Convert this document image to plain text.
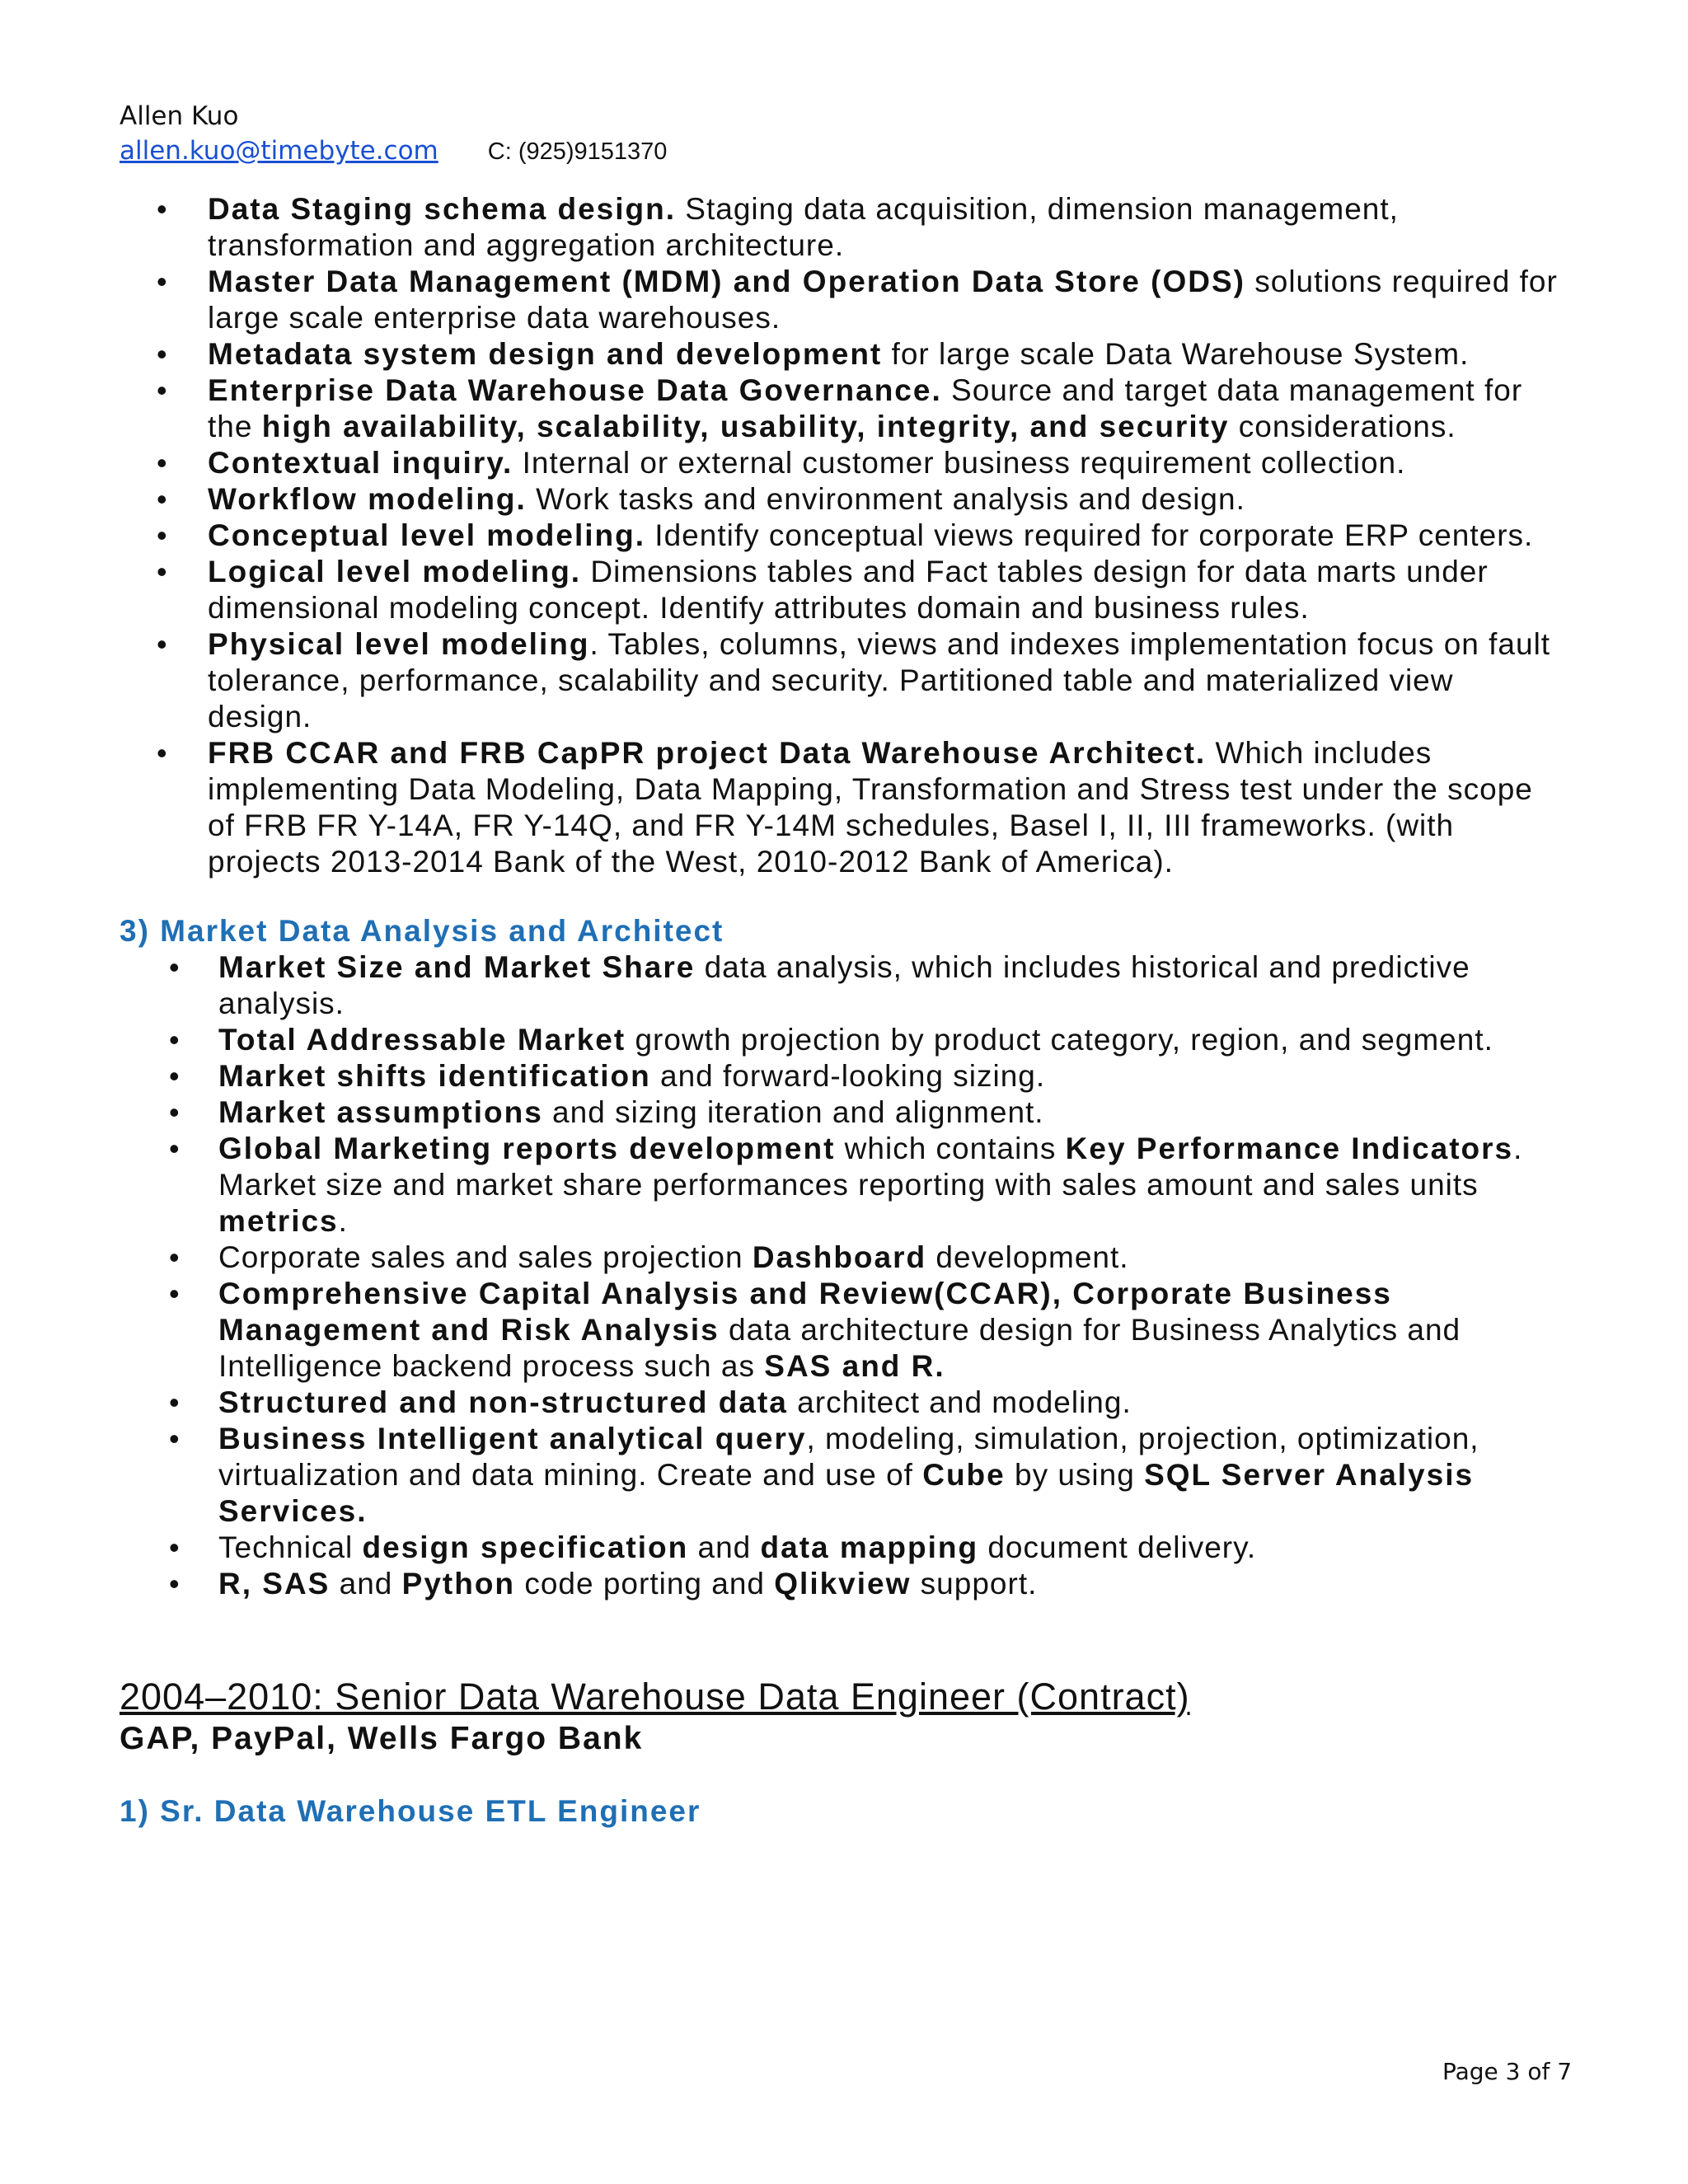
Allen Kuo
allen.kuo@timebyte.com C: (925)9151370
• Data Staging schema design. Staging data acquisition, dimension management, transformation and aggregation architecture.
• Master Data Management (MDM) and Operation Data Store (ODS) solutions required for large scale enterprise data warehouses.
• Metadata system design and development for large scale Data Warehouse System.
• Enterprise Data Warehouse Data Governance. Source and target data management for the high availability, scalability, usability, integrity, and security considerations.
• Contextual inquiry. Internal or external customer business requirement collection.
• Workflow modeling. Work tasks and environment analysis and design.
• Conceptual level modeling. Identify conceptual views required for corporate ERP centers.
• Logical level modeling. Dimensions tables and Fact tables design for data marts under dimensional modeling concept. Identify attributes domain and business rules.
• Physical level modeling. Tables, columns, views and indexes implementation focus on fault tolerance, performance, scalability and security. Partitioned table and materialized view design.
• FRB CCAR and FRB CapPR project Data Warehouse Architect. Which includes implementing Data Modeling, Data Mapping, Transformation and Stress test under the scope of FRB FR Y-14A, FR Y-14Q, and FR Y-14M schedules, Basel I, II, III frameworks. (with projects 2013-2014 Bank of the West, 2010-2012 Bank of America).
3) Market Data Analysis and Architect
• Market Size and Market Share data analysis, which includes historical and predictive analysis.
• Total Addressable Market growth projection by product category, region, and segment.
• Market shifts identification and forward-looking sizing.
• Market assumptions and sizing iteration and alignment.
• Global Marketing reports development which contains Key Performance Indicators. Market size and market share performances reporting with sales amount and sales units metrics.
• Corporate sales and sales projection Dashboard development.
• Comprehensive Capital Analysis and Review(CCAR), Corporate Business Management and Risk Analysis data architecture design for Business Analytics and Intelligence backend process such as SAS and R.
• Structured and non-structured data architect and modeling.
• Business Intelligent analytical query, modeling, simulation, projection, optimization, virtualization and data mining. Create and use of Cube by using SQL Server Analysis Services.
• Technical design specification and data mapping document delivery.
• R, SAS and Python code porting and Qlikview support.
2004–2010: Senior Data Warehouse Data Engineer (Contract)
GAP, PayPal, Wells Fargo Bank
1) Sr. Data Warehouse ETL Engineer
Page 3 of 7
